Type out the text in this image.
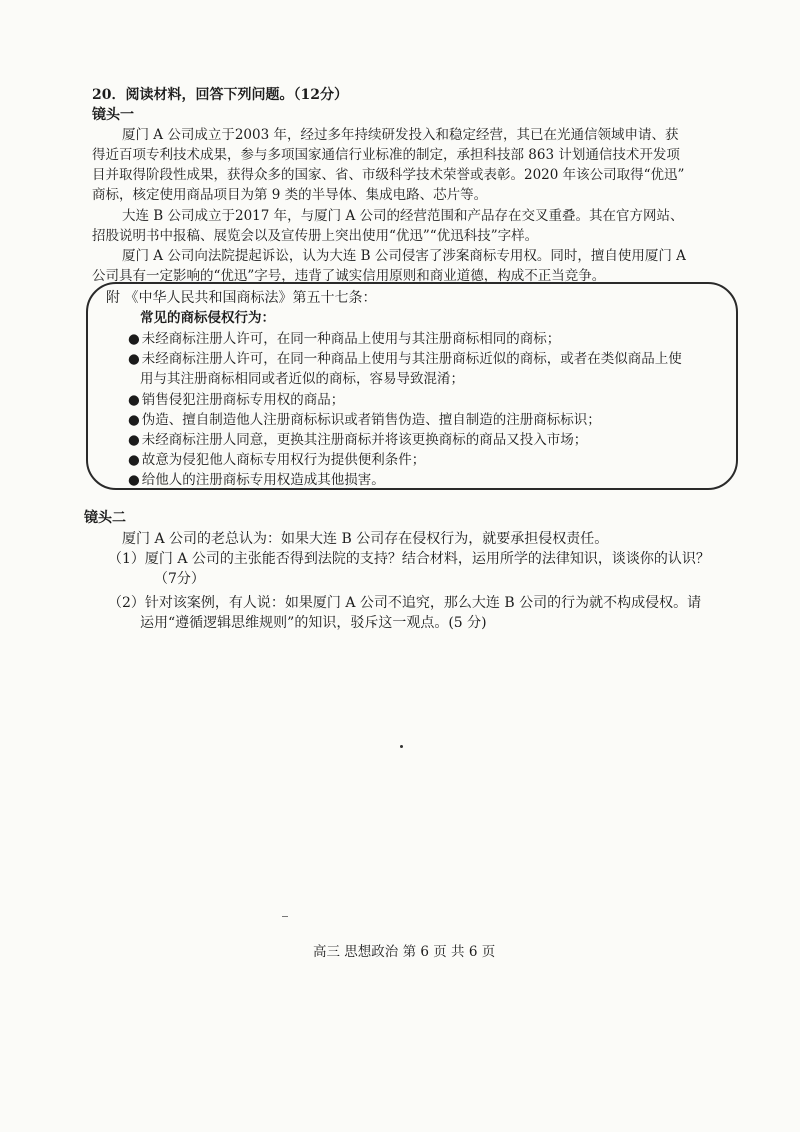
20．阅读材料，回答下列问题。（12分）
镜头一
厦门 A 公司成立于2003 年，经过多年持续研发投入和稳定经营，其已在光通信领域申请、获
得近百项专利技术成果，参与多项国家通信行业标准的制定，承担科技部 863 计划通信技术开发项
目并取得阶段性成果，获得众多的国家、省、市级科学技术荣誉或表彰。2020 年该公司取得“优迅”
商标，核定使用商品项目为第 9 类的半导体、集成电路、芯片等。
大连 B 公司成立于2017 年，与厦门 A 公司的经营范围和产品存在交叉重叠。其在官方网站、
招股说明书中报稿、展览会以及宣传册上突出使用“优迅”“优迅科技”字样。
厦门 A 公司向法院提起诉讼，认为大连 B 公司侵害了涉案商标专用权。同时，擅自使用厦门 A
公司具有一定影响的“优迅”字号，违背了诚实信用原则和商业道德，构成不正当竞争。
附 《中华人民共和国商标法》第五十七条：
常见的商标侵权行为：
● 未经商标注册人许可，在同一种商品上使用与其注册商标相同的商标；
● 未经商标注册人许可，在同一种商品上使用与其注册商标近似的商标，或者在类似商品上使
用与其注册商标相同或者近似的商标，容易导致混淆；
● 销售侵犯注册商标专用权的商品；
● 伪造、擅自制造他人注册商标标识或者销售伪造、擅自制造的注册商标标识；
● 未经商标注册人同意，更换其注册商标并将该更换商标的商品又投入市场；
● 故意为侵犯他人商标专用权行为提供便利条件；
● 给他人的注册商标专用权造成其他损害。
镜头二
厦门 A 公司的老总认为：如果大连 B 公司存在侵权行为，就要承担侵权责任。
（1）厦门 A 公司的主张能否得到法院的支持？结合材料，运用所学的法律知识，谈谈你的认识？
（7分）
（2）针对该案例，有人说：如果厦门 A 公司不追究，那么大连 B 公司的行为就不构成侵权。请
运用“遵循逻辑思维规则”的知识，驳斥这一观点。(5 分)
高三 思想政治 第 6 页 共 6 页
